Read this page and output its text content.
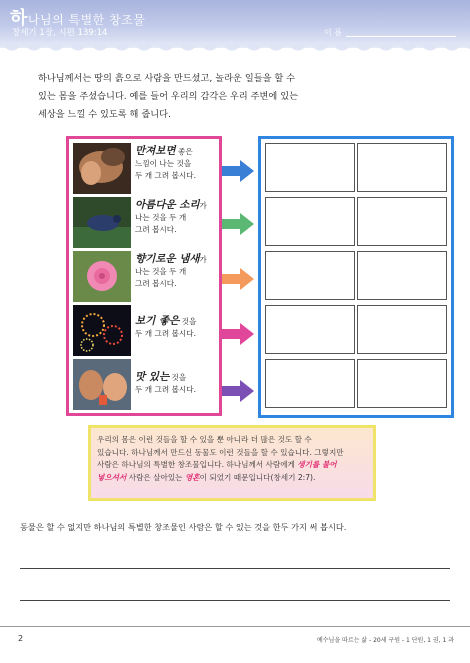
하나님의 특별한 창조물
창세기 1장, 시편 139:14	이 름
하나님께서는 땅의 흙으로 사람을 만드셨고, 놀라운 일들을 할 수
있는 몸을 주셨습니다. 예를 들어 우리의 감각은 우리 주변에 있는
세상을 느낄 수 있도록 해 줍니다.
만져보면 좋은
느낌이 나는 것을
두 개 그려 봅시다.
아름다운 소리가
나는 것을 두 개
그려 봅시다.
향기로운 냄새가
나는 것을 두 개
그려 봅시다.
보기 좋은 것을
두 개 그려 봅시다.
맛 있는 것을
두 개 그려 봅시다.
우리의 몸은 이런 것들을 할 수 있을 뿐 아니라 더 많은 것도 할 수
있습니다. 하나님께서 만드신 동물도 이런 것들을 할 수 있습니다. 그렇지만
사람은 하나님의 특별한 창조물입니다. 하나님께서 사람에게 생기를 불어
넣으셔서 사람은 살아있는 영혼이 되었기 때문입니다(창세기 2:7).
동물은 할 수 없지만 하나님의 특별한 창조물인 사람은 할 수 있는 것을 한두 가지 써 봅시다.
2	예수님을 따르는 삶 - 20세 구원 - 1 단원, 1 권, 1 과
